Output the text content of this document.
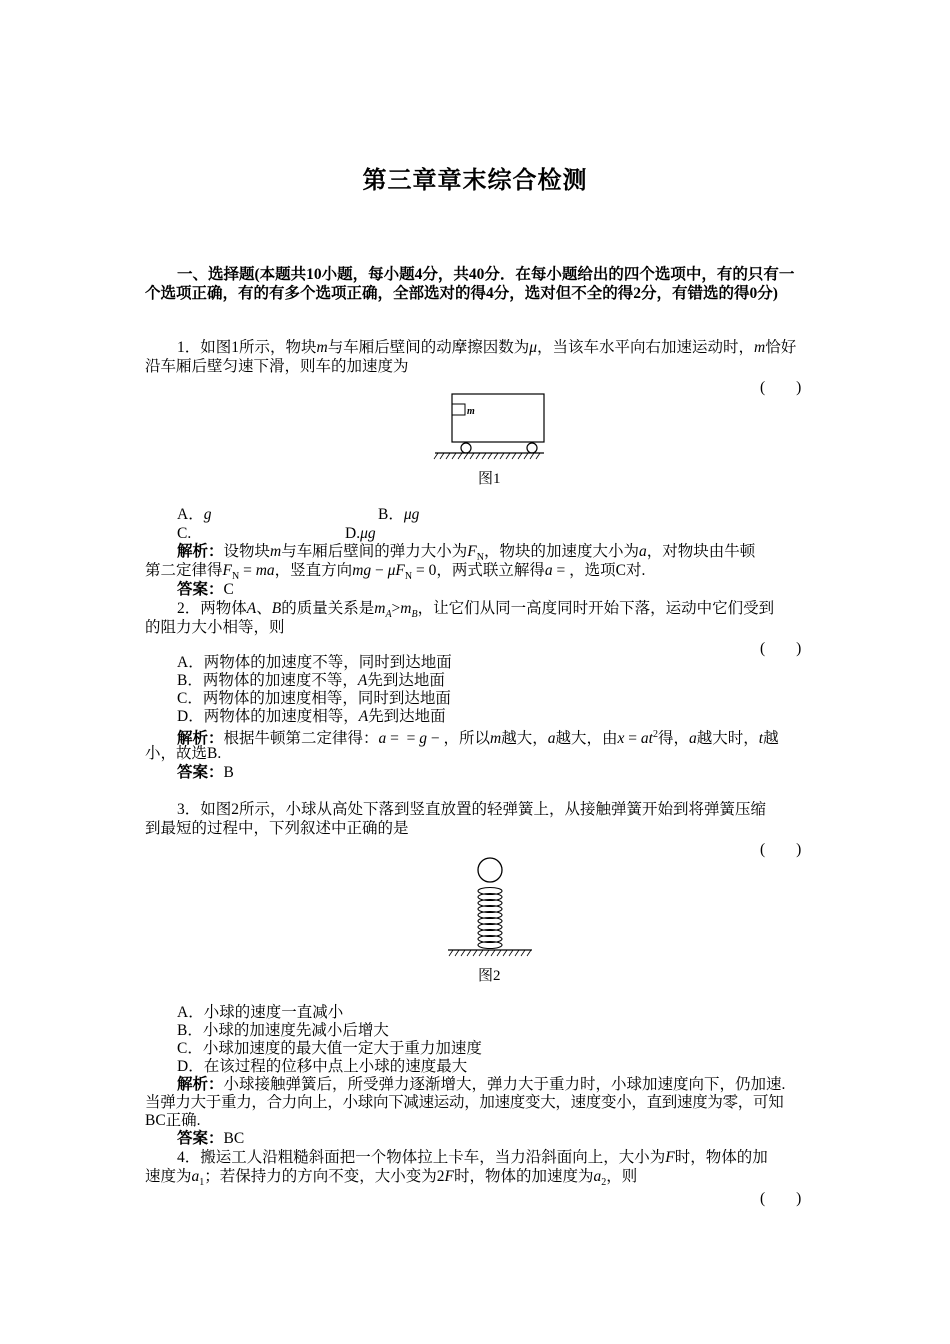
第三章章末综合检测
一、选择题(本题共10小题，每小题4分，共40分．在每小题给出的四个选项中，有的只有一个选项正确，有的有多个选项正确，全部选对的得4分，选对但不全的得2分，有错选的得0分)
1．如图1所示，物块m与车厢后壁间的动摩擦因数为μ，当该车水平向右加速运动时，m恰好沿车厢后壁匀速下滑，则车的加速度为
(　　)
m
图1
A．g	B．μg
C.	D.μg
解析：设物块m与车厢后壁间的弹力大小为$F_N$，物块的加速度大小为a，对物块由牛顿
第二定律得$F_N$ = ma，竖直方向mg − $\mu F_N = 0$，两式联立解得a = ，选项C对.
答案：C
2．两物体A、B的质量关系是$m_A>m_B$，让它们从同一高度同时开始下落，运动中它们受到
的阻力大小相等，则
(　　)
A．两物体的加速度不等，同时到达地面
B．两物体的加速度不等，A先到达地面
C．两物体的加速度相等，同时到达地面
D．两物体的加速度相等，A先到达地面
解析：根据牛顿第二定律得：a =  = g − ，所以m越大，a越大，由$x = at^2$得，a越大时，t越
小，故选B.
答案：B
3．如图2所示，小球从高处下落到竖直放置的轻弹簧上，从接触弹簧开始到将弹簧压缩
到最短的过程中，下列叙述中正确的是
(　　)
图2
A．小球的速度一直减小
B．小球的加速度先减小后增大
C．小球加速度的最大值一定大于重力加速度
D．在该过程的位移中点上小球的速度最大
解析：小球接触弹簧后，所受弹力逐渐增大，弹力大于重力时，小球加速度向下，仍加速.
当弹力大于重力，合力向上，小球向下减速运动，加速度变大，速度变小，直到速度为零，可知
BC正确.
答案：BC
4．搬运工人沿粗糙斜面把一个物体拉上卡车，当力沿斜面向上，大小为F时，物体的加
速度为$a_1$；若保持力的方向不变，大小变为2F时，物体的加速度为$a_2$，则
(　　)
